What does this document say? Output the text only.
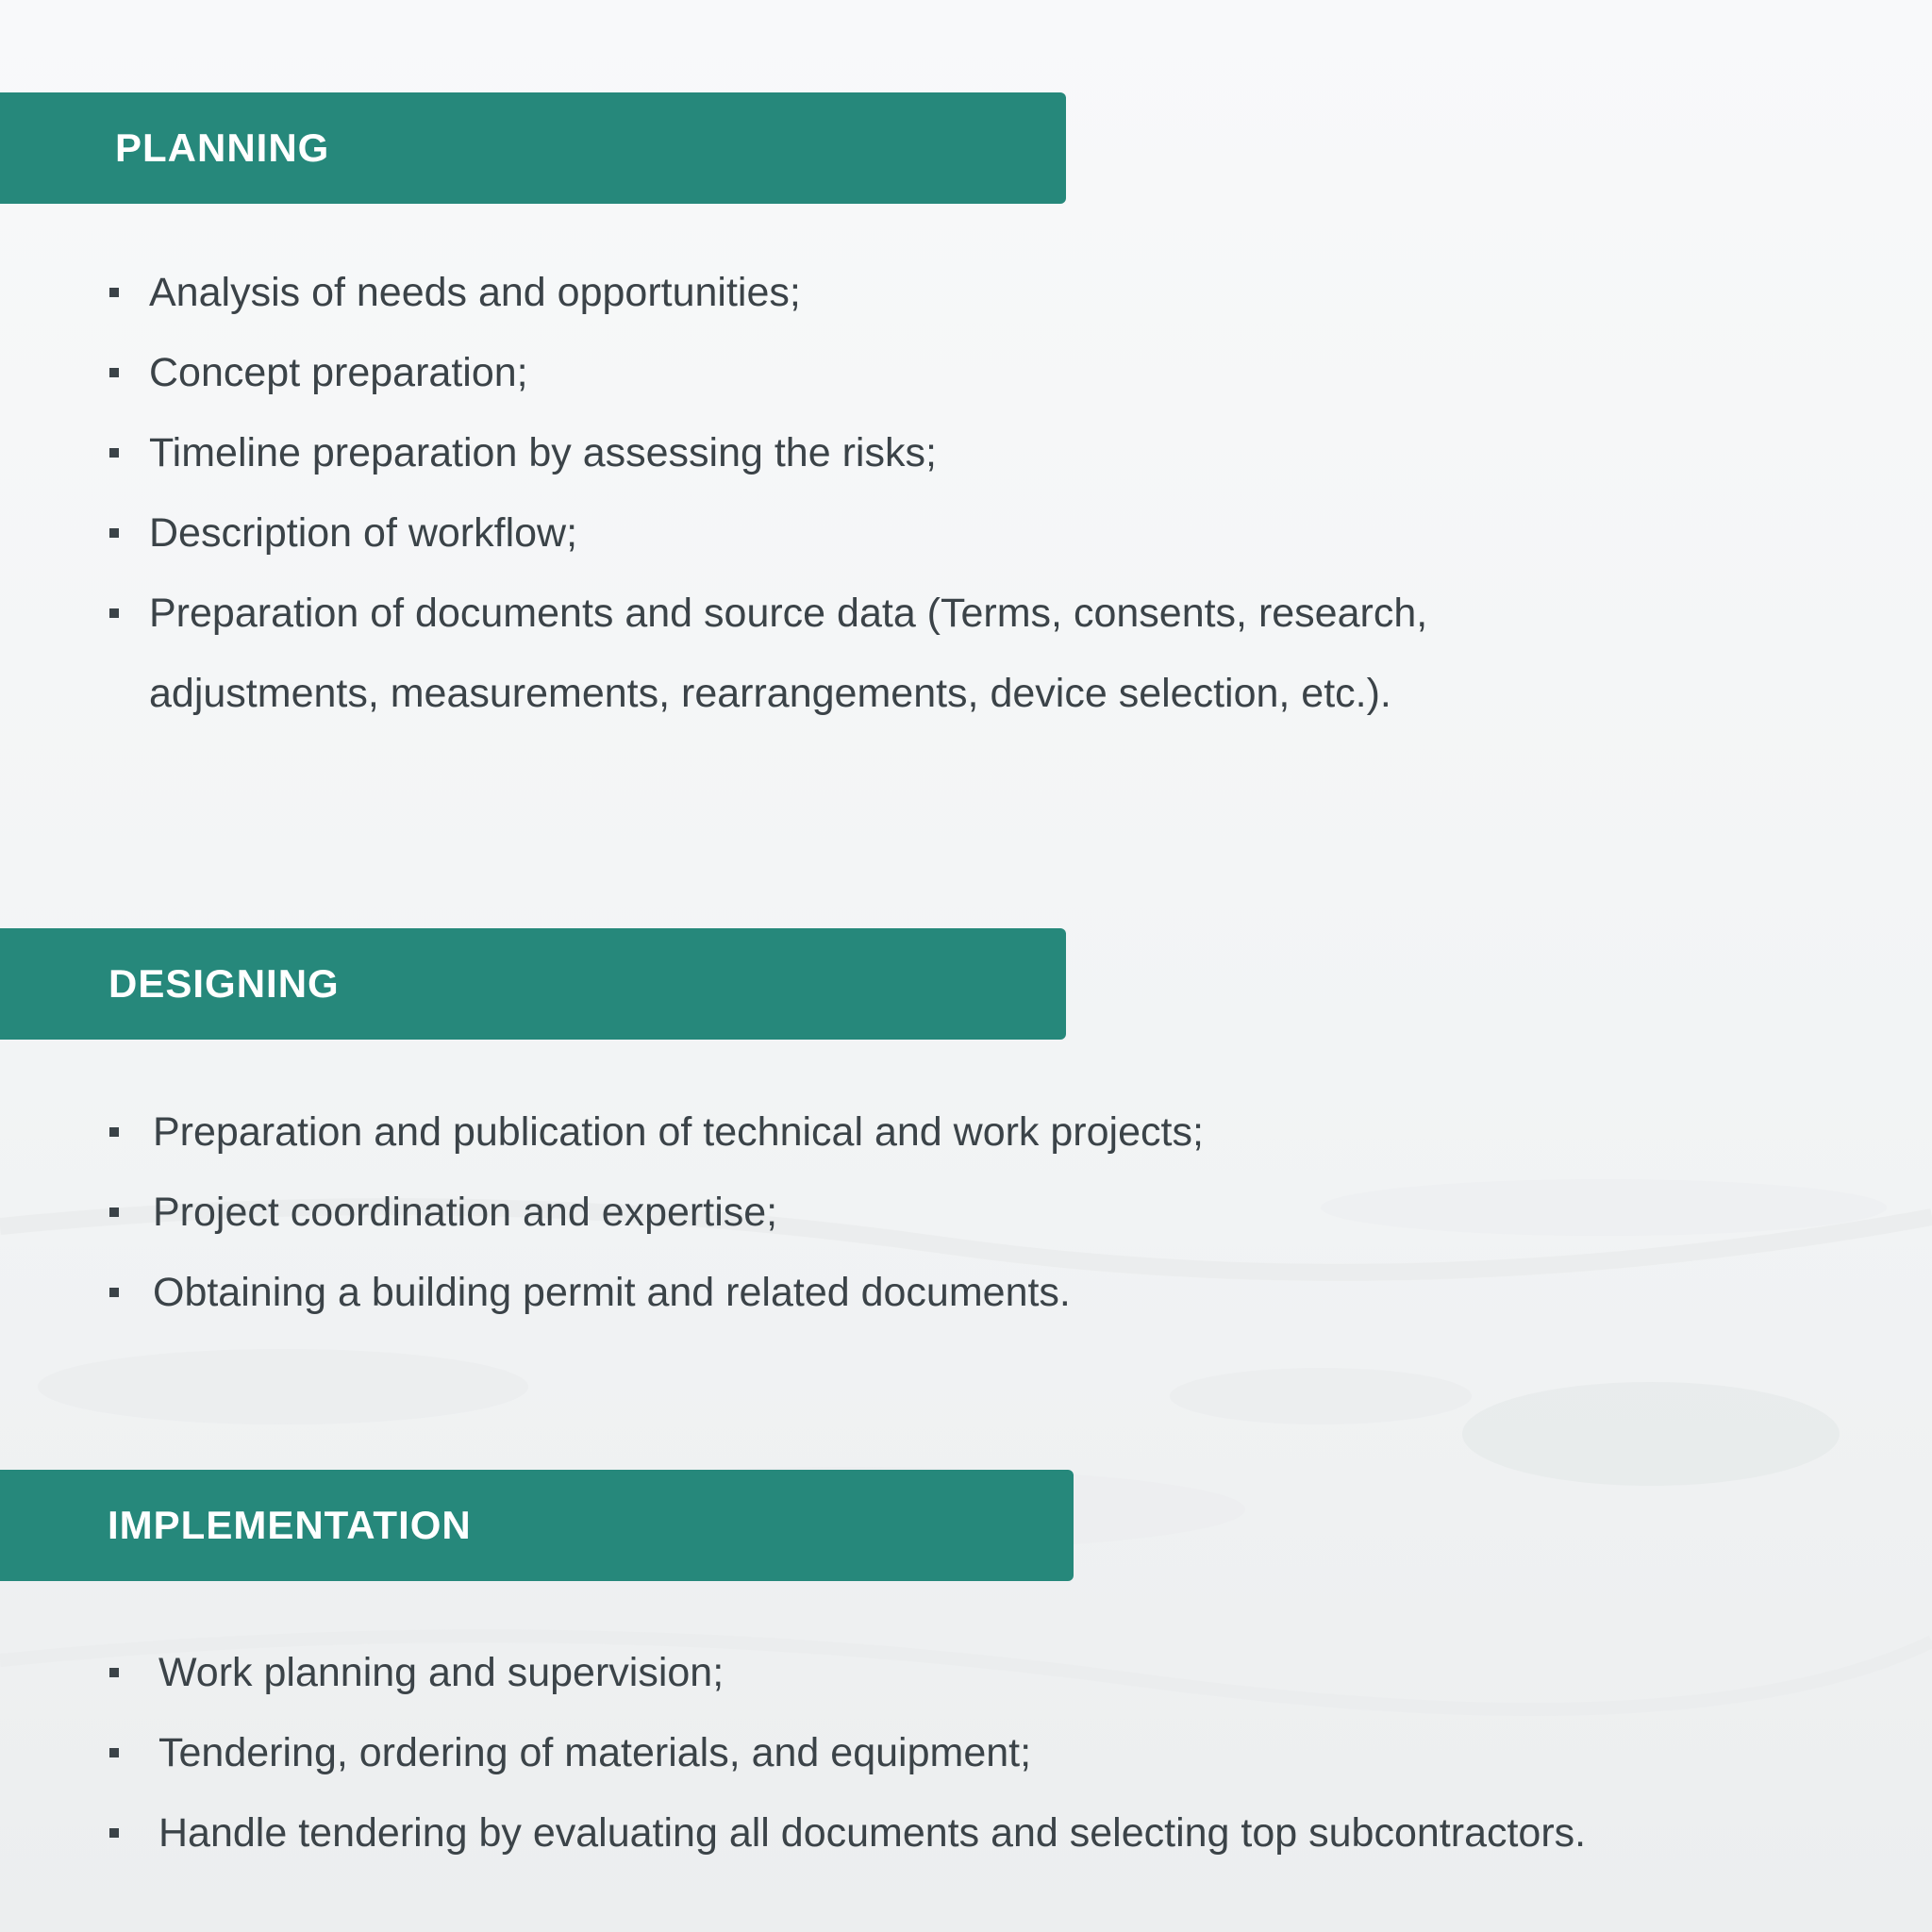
PLANNING
Analysis of needs and opportunities;
Concept preparation;
Timeline preparation by assessing the risks;
Description of workflow;
Preparation of documents and source data (Terms, consents, research,
adjustments, measurements, rearrangements, device selection, etc.).
DESIGNING
Preparation and publication of technical and work projects;
Project coordination and expertise;
Obtaining a building permit and related documents.
IMPLEMENTATION
Work planning and supervision;
Tendering, ordering of materials, and equipment;
Handle tendering by evaluating all documents and selecting top subcontractors.
